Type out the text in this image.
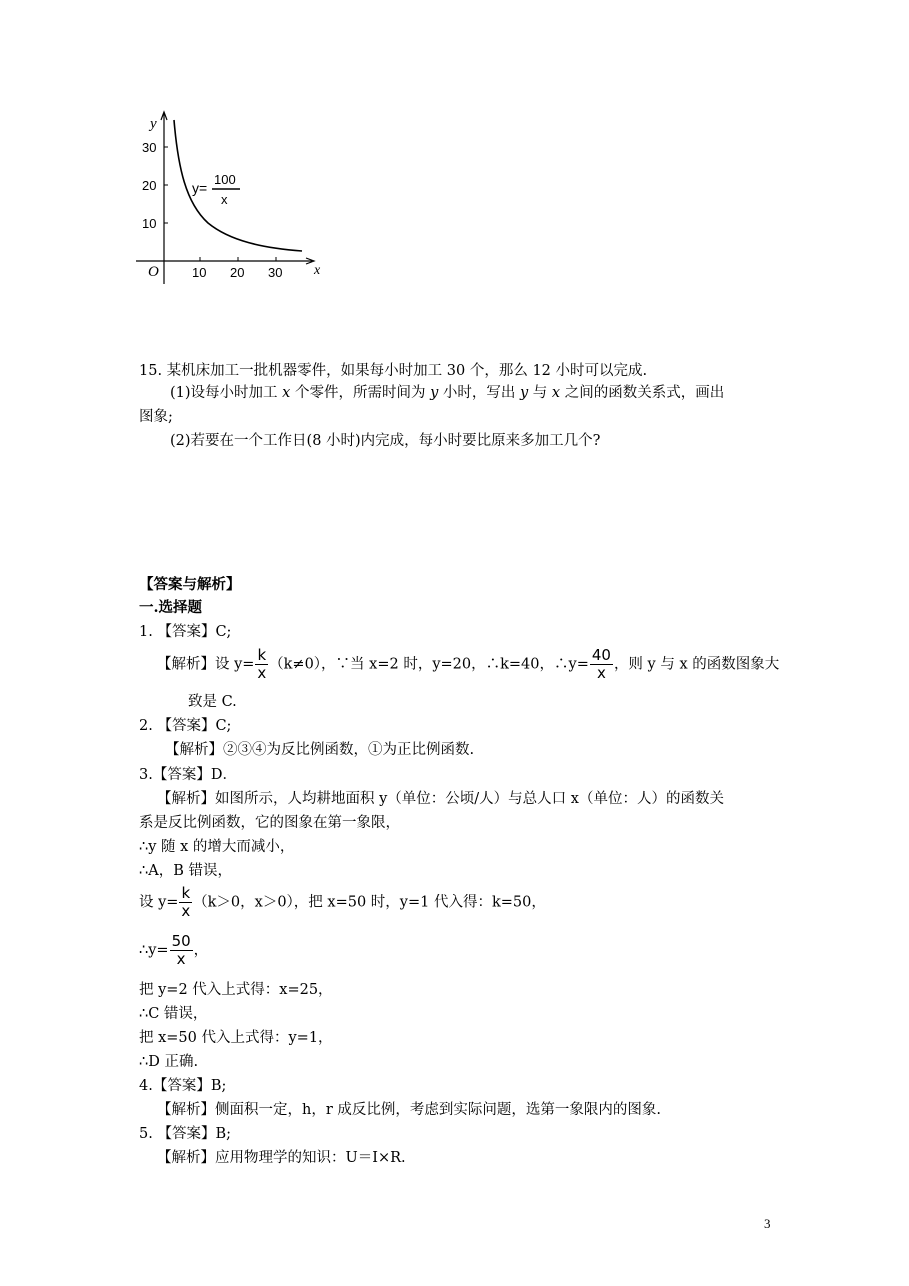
y
x
O
30
20
10
10 20 30
y=
100
x
15. 某机床加工一批机器零件，如果每小时加工 30 个，那么 12 小时可以完成.
(1)设每小时加工 x 个零件，所需时间为 y 小时，写出 y 与 x 之间的函数关系式，画出
图象;
(2)若要在一个工作日(8 小时)内完成，每小时要比原来多加工几个?
【答案与解析】
一.选择题
1. 【答案】C;
【解析】设 $y= \frac{k}{x} (k\ne 0)$，∵当 x=2 时，y=20，∴k=40，∴y= $\frac{40}{x}$ ，则 y 与 x 的函数图象大
致是 C.
2. 【答案】C;
【解析】②③④为反比例函数，①为正比例函数.
3.【答案】D．
【解析】如图所示，人均耕地面积 y（单位：公顷/人）与总人口 x（单位：人）的函数关
系是反比例函数，它的图象在第一象限，
∴y 随 x 的增大而减小，
∴A，B 错误，
设 $y= \frac{k}{x} (k>0$，x＞0），把 x=50 时，y=1 代入得：k=50，
∴y= $\frac{50}{x}$ ，
把 y=2 代入上式得：x=25，
∴C 错误，
把 x=50 代入上式得：y=1，
∴D 正确.
4.【答案】B;
【解析】侧面积一定，h，r 成反比例，考虑到实际问题，选第一象限内的图象.
5. 【答案】B;
【解析】应用物理学的知识：U＝I×R.
3
